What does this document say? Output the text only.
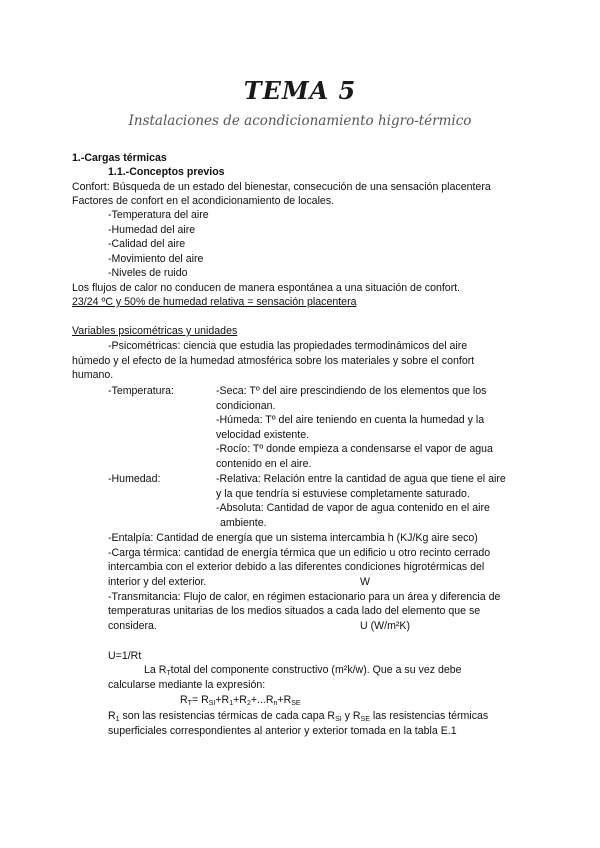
TEMA 5
Instalaciones de acondicionamiento higro-térmico
1.-Cargas térmicas
1.1.-Conceptos previos
Confort: Búsqueda de un estado del bienestar, consecución de una sensación placentera
Factores de confort en el acondicionamiento de locales.
-Temperatura del aire
-Humedad del aire
-Calidad del aire
-Movimiento del aire
-Niveles de ruido
Los flujos de calor no conducen de manera espontánea a una situación de confort.
23/24 ºC y 50% de humedad relativa = sensación placentera
Variables psicométricas y unidades
-Psicométricas: ciencia que estudia las propiedades termodinámicos del aire
húmedo y el efecto de la humedad atmosférica sobre los materiales y sobre el confort
humano.
-Temperatura:	-Seca: Tº del aire prescindiendo de los elementos que los
condicionan.
-Húmeda: Tº del aire teniendo en cuenta la humedad y la
velocidad existente.
-Rocío: Tº donde empieza a condensarse el vapor de agua
contenido en el aire.
-Humedad:	-Relativa: Relación entre la cantidad de agua que tiene el aire
y la que tendría si estuviese completamente saturado.
-Absoluta: Cantidad de vapor de agua contenido en el aire
ambiente.
-Entalpía: Cantidad de energía que un sistema intercambia h (KJ/Kg aire seco)
-Carga térmica: cantidad de energía térmica que un edificio u otro recinto cerrado
intercambia con el exterior debido a las diferentes condiciones higrotérmicas del
interior y del exterior.	W
-Transmitancia: Flujo de calor, en régimen estacionario para un área y diferencia de
temperaturas unitarias de los medios situados a cada lado del elemento que se
considera.	U (W/m²K)
U=1/Rt
La $R_Ttotal$ del componente constructivo (m²k/w). Que a su vez debe
calcularse mediante la expresión:
$R_T= R_{SI}+R_1+R_2+...R_n+R_{SE}$
$R_1$ son las resistencias térmicas de cada capa $R_{SI}$ y $R_{SE}$ las resistencias térmicas
superficiales correspondientes al anterior y exterior tomada en la tabla E.1
